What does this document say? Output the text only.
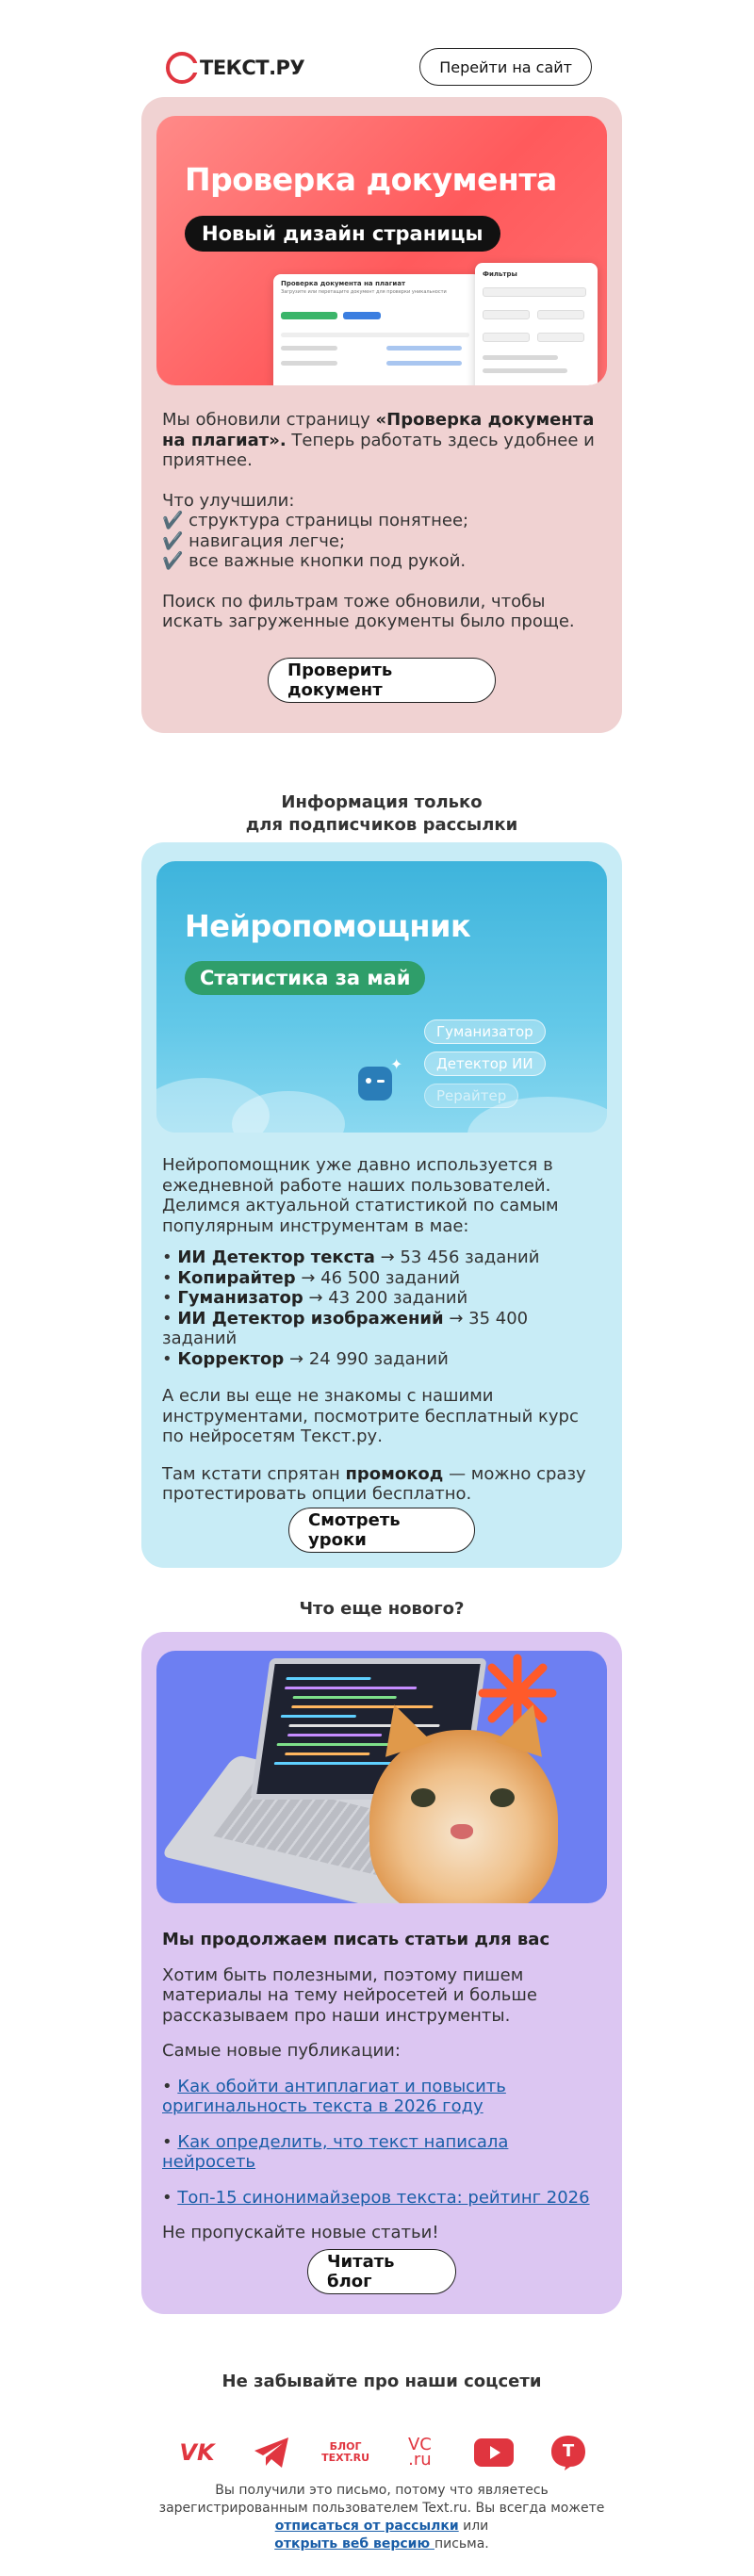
ТЕКСТ.РУ	Перейти на сайт
Проверка документа
Новый дизайн страницы
Проверка документа на плагиат
Загрузите или перетащите документ для проверки уникальности
Фильтры

Мы обновили страницу «Проверка документа на плагиат». Теперь работать здесь удобнее и приятнее.

Что улучшили:

✔️ структура страницы понятнее;

✔️ навигация легче;

✔️ все важные кнопки под рукой.

Поиск по фильтрам тоже обновили, чтобы искать загруженные документы было проще.

Проверить документ
Информация только
для подписчиков рассылки
Нейропомощник
Статистика за май
✦
Гуманизатор
Детектор ИИ
Рерайтер

Нейропомощник уже давно используется в ежедневной работе наших пользователей. Делимся актуальной статистикой по самым популярным инструментам в мае:

• ИИ Детектор текста → 53 456 заданий

• Копирайтер → 46 500 заданий

• Гуманизатор → 43 200 заданий

• ИИ Детектор изображений → 35 400 заданий

• Корректор → 24 990 заданий

А если вы еще не знакомы с нашими инструментами, посмотрите бесплатный курс по нейросетям Текст.ру.

Там кстати спрятан промокод — можно сразу протестировать опции бесплатно.

Смотреть уроки
Что еще нового?

Мы продолжаем писать статьи для вас

Хотим быть полезными, поэтому пишем материалы на тему нейросетей и больше рассказываем про наши инструменты.

Самые новые публикации:

• Как обойти антиплагиат и повысить оригинальность текста в 2026 году

• Как определить, что текст написала нейросеть

• Топ-15 синонимайзеров текста: рейтинг 2026

Не пропускайте новые статьи!

Читать блог
Не забывайте про наши соцсети
VK	БЛОГ
TEXT.RU
VC
.ru	T
Вы получили это письмо, потому что являетесь зарегистрированным пользователем Text.ru. Вы всегда можете отписаться от рассылки или
открыть веб версию письма.
